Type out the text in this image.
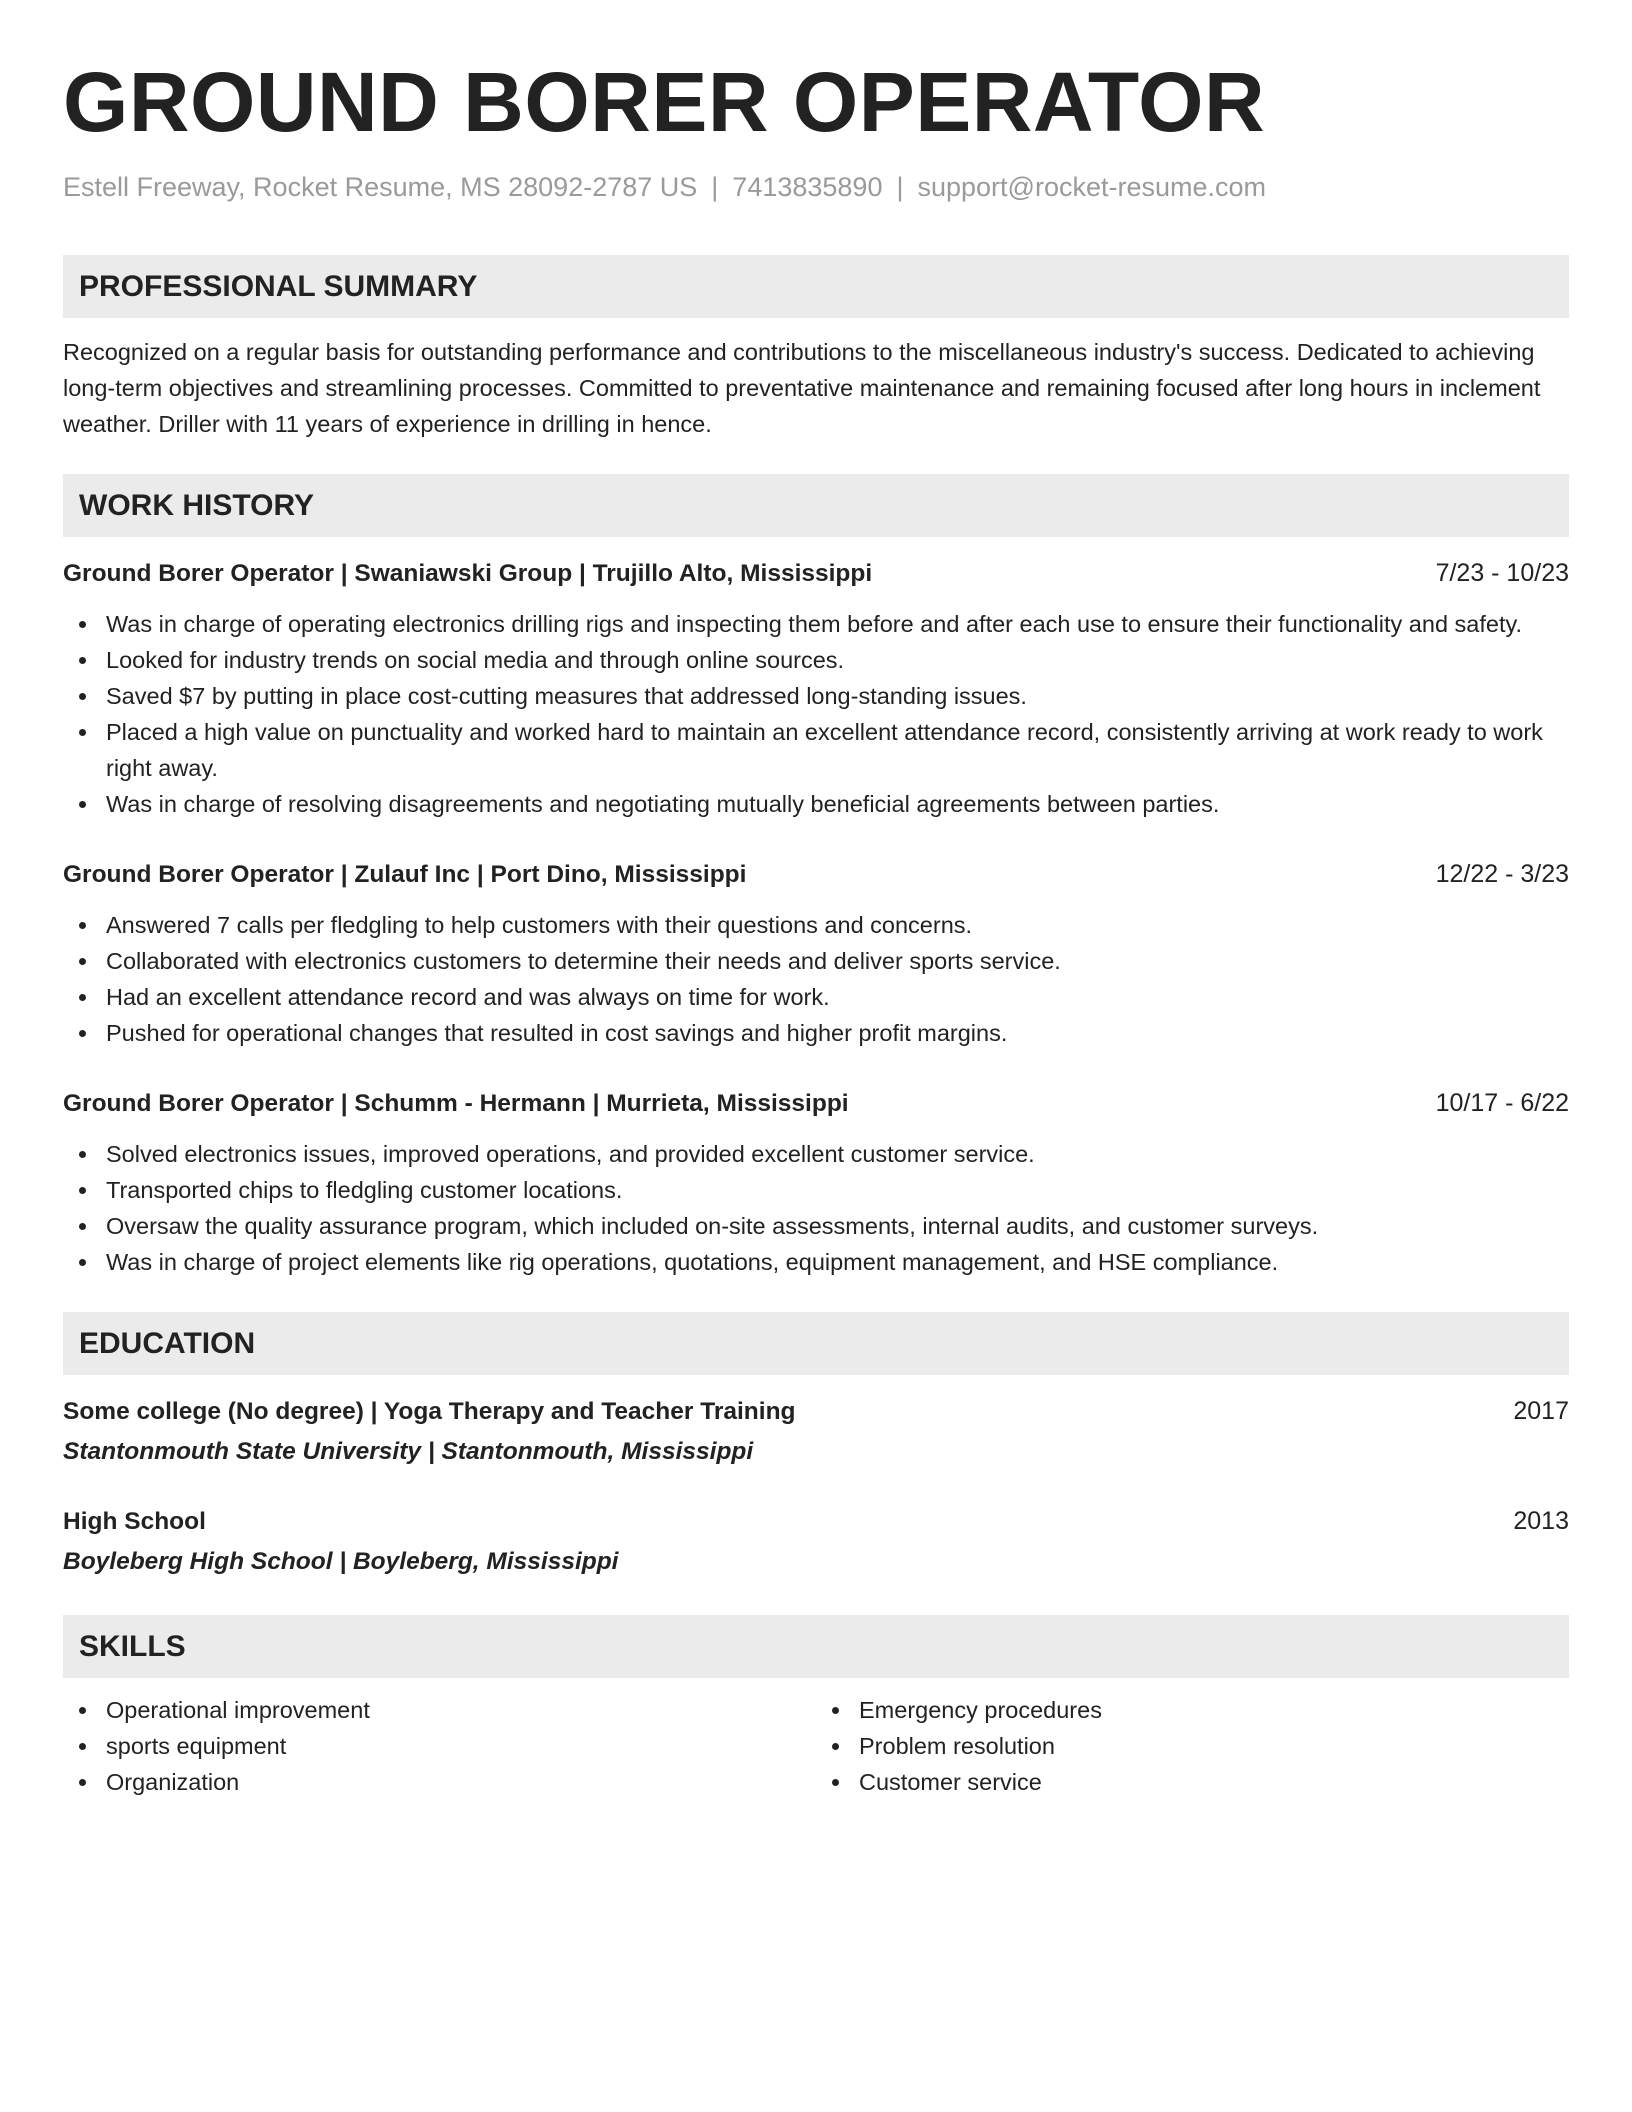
GROUND BORER OPERATOR
Estell Freeway, Rocket Resume, MS 28092-2787 US | 7413835890 | support@rocket-resume.com
PROFESSIONAL SUMMARY
Recognized on a regular basis for outstanding performance and contributions to the miscellaneous industry's success. Dedicated to achieving long-term objectives and streamlining processes. Committed to preventative maintenance and remaining focused after long hours in inclement weather. Driller with 11 years of experience in drilling in hence.
WORK HISTORY
Ground Borer Operator | Swaniawski Group | Trujillo Alto, Mississippi	7/23 - 10/23
Was in charge of operating electronics drilling rigs and inspecting them before and after each use to ensure their functionality and safety.
Looked for industry trends on social media and through online sources.
Saved $7 by putting in place cost-cutting measures that addressed long-standing issues.
Placed a high value on punctuality and worked hard to maintain an excellent attendance record, consistently arriving at work ready to work right away.
Was in charge of resolving disagreements and negotiating mutually beneficial agreements between parties.
Ground Borer Operator | Zulauf Inc | Port Dino, Mississippi	12/22 - 3/23
Answered 7 calls per fledgling to help customers with their questions and concerns.
Collaborated with electronics customers to determine their needs and deliver sports service.
Had an excellent attendance record and was always on time for work.
Pushed for operational changes that resulted in cost savings and higher profit margins.
Ground Borer Operator | Schumm - Hermann | Murrieta, Mississippi	10/17 - 6/22
Solved electronics issues, improved operations, and provided excellent customer service.
Transported chips to fledgling customer locations.
Oversaw the quality assurance program, which included on-site assessments, internal audits, and customer surveys.
Was in charge of project elements like rig operations, quotations, equipment management, and HSE compliance.
EDUCATION
Some college (No degree) | Yoga Therapy and Teacher Training	2017
Stantonmouth State University | Stantonmouth, Mississippi
High School	2013
Boyleberg High School | Boyleberg, Mississippi
SKILLS
Operational improvement
sports equipment
Organization
Emergency procedures
Problem resolution
Customer service
